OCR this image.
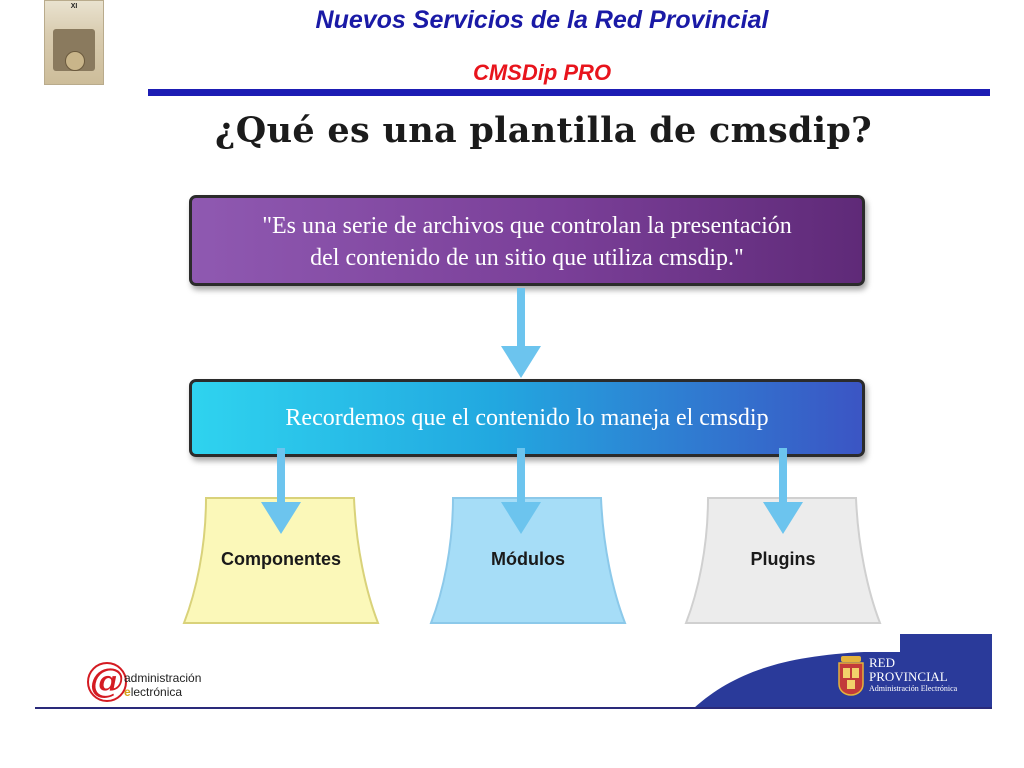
XI	Nuevos Servicios de la Red Provincial
CMSDip PRO
¿Qué es una plantilla de cmsdip?
"Es una serie de archivos que controlan la presentación
del contenido de un sitio que utiliza cmsdip."
Recordemos que el contenido lo maneja el cmsdip
Componentes	Módulos	Plugins
@ administración
electrónica
RED
PROVINCIAL
Administración Electrónica
